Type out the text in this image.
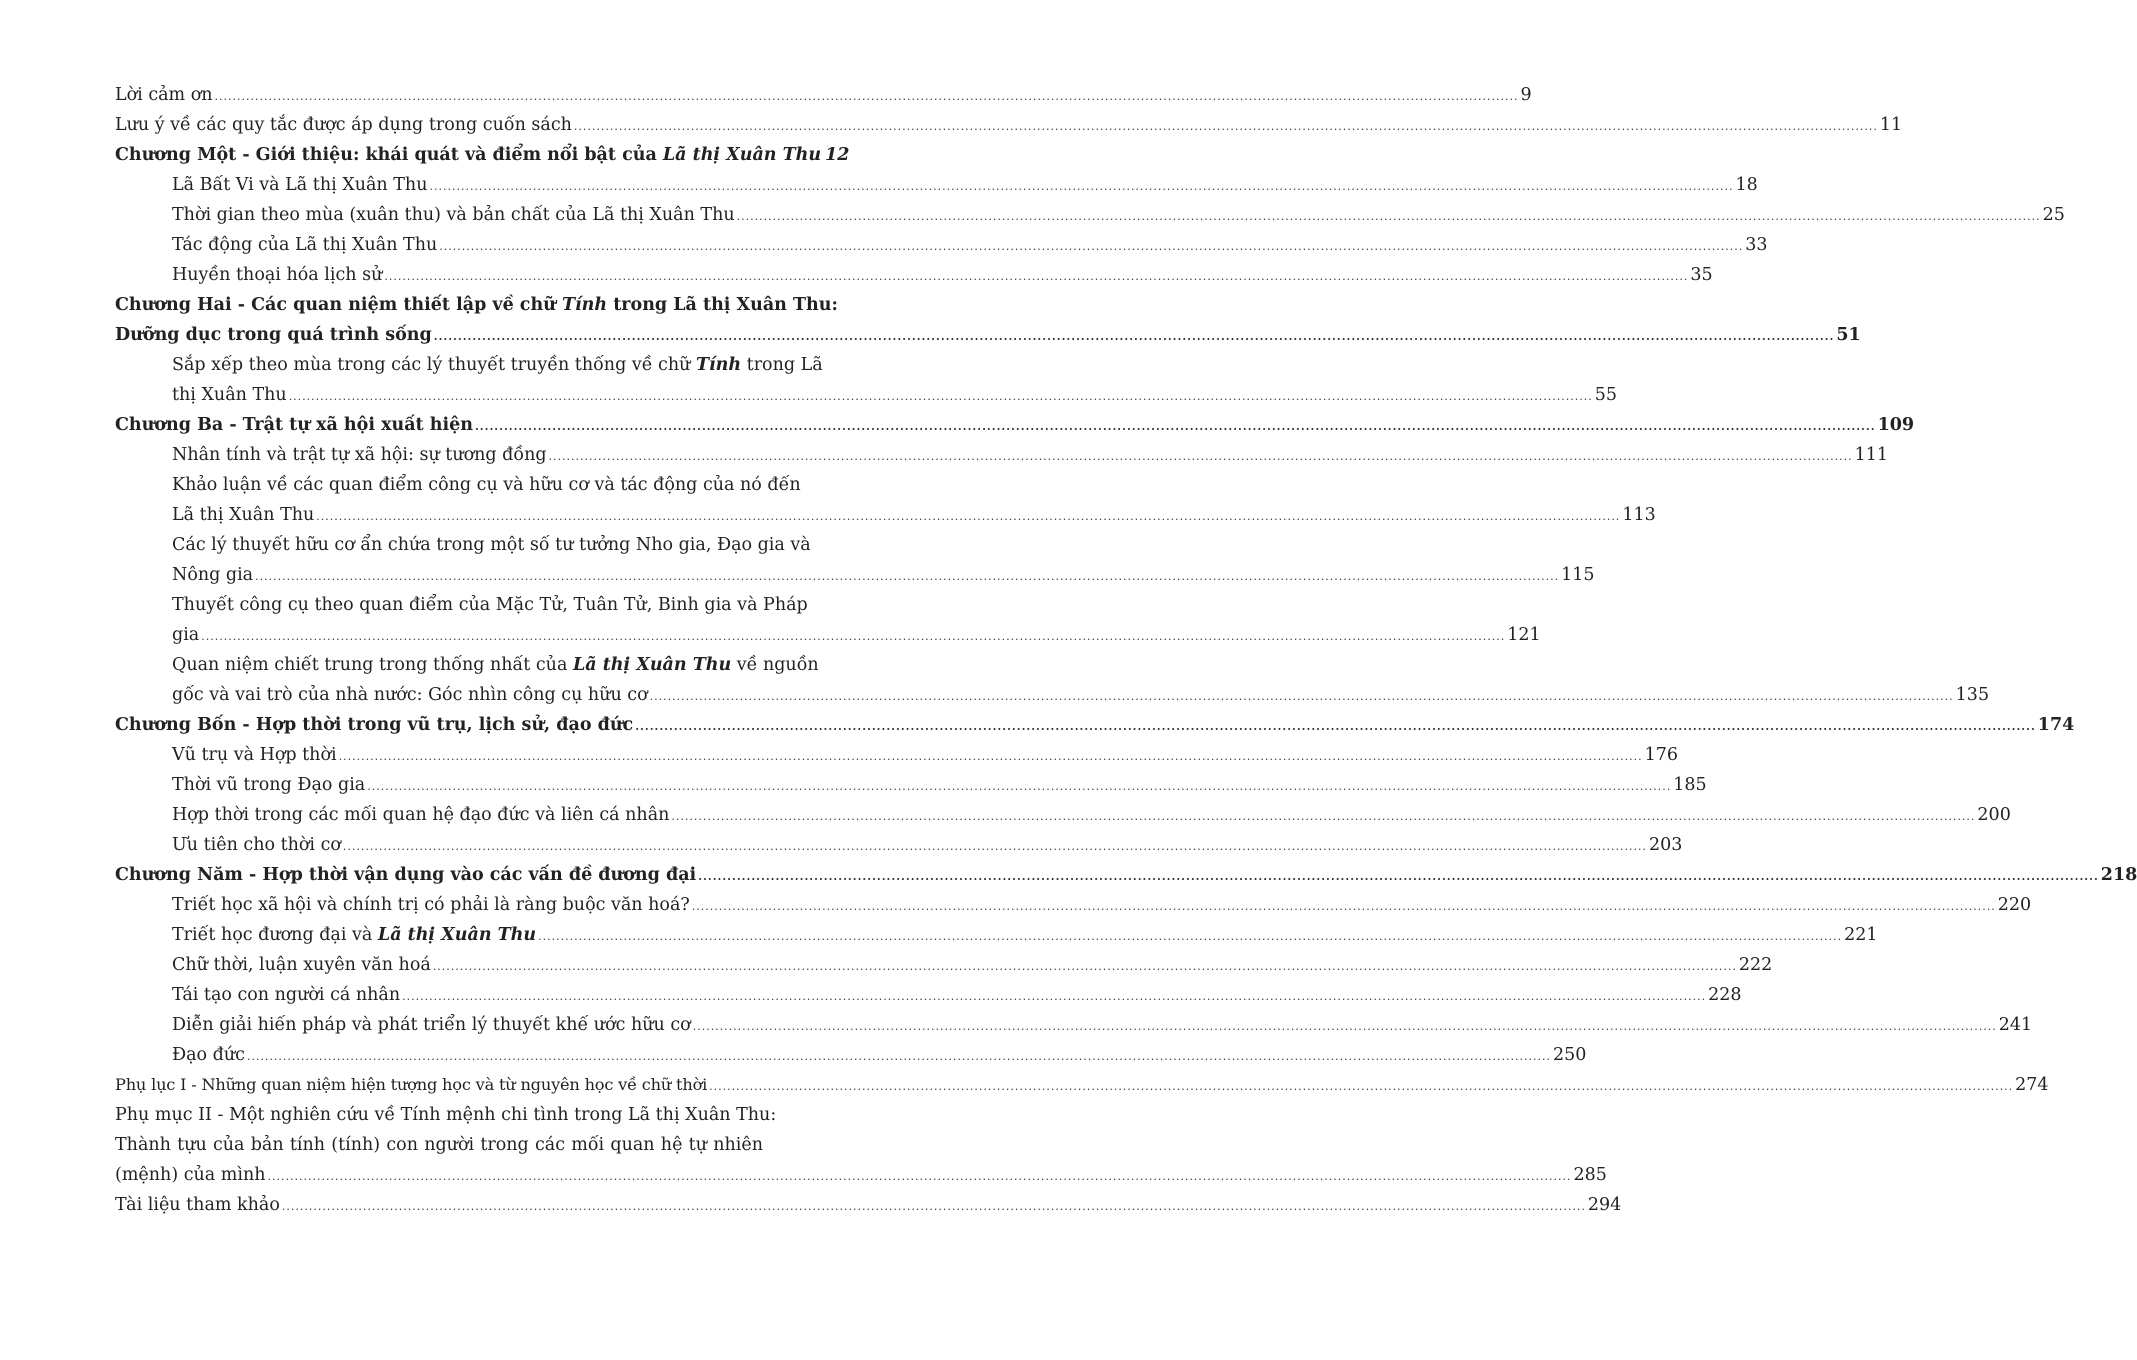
Lời cảm ơn .....	9
Lưu ý về các quy tắc được áp dụng trong cuốn sách .....	11
Chương Một - Giới thiệu: khái quát và điểm nổi bật của Lã thị Xuân Thu 12
Lã Bất Vi và Lã thị Xuân Thu .....	18
Thời gian theo mùa (xuân thu) và bản chất của Lã thị Xuân Thu .....	25
Tác động của Lã thị Xuân Thu .....	33
Huyền thoại hóa lịch sử .....	35
Chương Hai - Các quan niệm thiết lập về chữ Tính trong Lã thị Xuân Thu:
Dưỡng dục trong quá trình sống .....	51
Sắp xếp theo mùa trong các lý thuyết truyền thống về chữ Tính trong Lã
thị Xuân Thu .....	55
Chương Ba - Trật tự xã hội xuất hiện .....	109
Nhân tính và trật tự xã hội: sự tương đồng .....	111
Khảo luận về các quan điểm công cụ và hữu cơ và tác động của nó đến
Lã thị Xuân Thu .....	113
Các lý thuyết hữu cơ ẩn chứa trong một số tư tưởng Nho gia, Đạo gia và
Nông gia .....	115
Thuyết công cụ theo quan điểm của Mặc Tử, Tuân Tử, Binh gia và Pháp
gia .....	121
Quan niệm chiết trung trong thống nhất của Lã thị Xuân Thu về nguồn
gốc và vai trò của nhà nước: Góc nhìn công cụ hữu cơ .....	135
Chương Bốn - Hợp thời trong vũ trụ, lịch sử, đạo đức .....	174
Vũ trụ và Hợp thời .....	176
Thời vũ trong Đạo gia .....	185
Hợp thời trong các mối quan hệ đạo đức và liên cá nhân .....	200
Ưu tiên cho thời cơ .....	203
Chương Năm - Hợp thời vận dụng vào các vấn đề đương đại .....	218
Triết học xã hội và chính trị có phải là ràng buộc văn hoá? .....	220
Triết học đương đại và Lã thị Xuân Thu .....	221
Chữ thời, luận xuyên văn hoá .....	222
Tái tạo con người cá nhân .....	228
Diễn giải hiến pháp và phát triển lý thuyết khế ước hữu cơ .....	241
Đạo đức .....	250
Phụ lục I - Những quan niệm hiện tượng học và từ nguyên học về chữ thời .....	274
Phụ mục II - Một nghiên cứu về Tính mệnh chi tình trong Lã thị Xuân Thu:
Thành tựu của bản tính (tính) con người trong các mối quan hệ tự nhiên
(mệnh) của mình .....	285
Tài liệu tham khảo .....	294
